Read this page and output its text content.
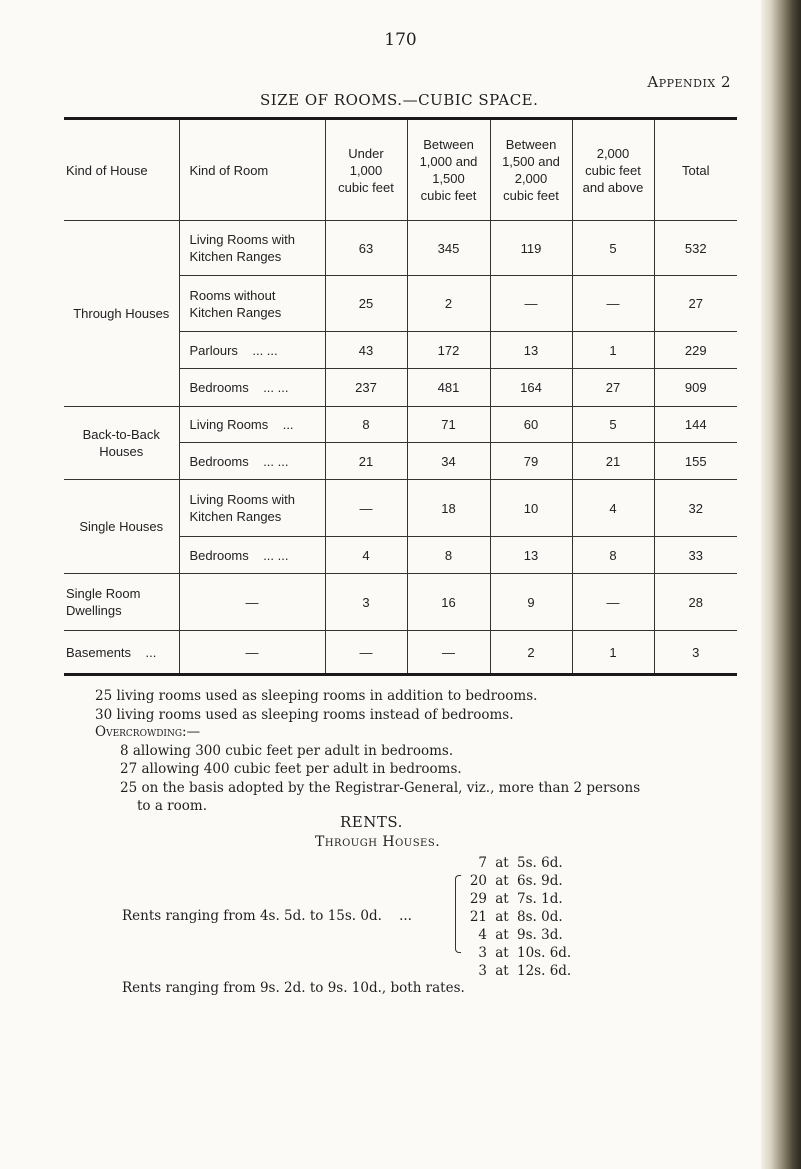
170
Appendix 2
SIZE OF ROOMS.—CUBIC SPACE.
Kind of House	Kind of Room	Under
1,000
cubic feet	Between
1,000 and
1,500
cubic feet	Between
1,500 and
2,000
cubic feet	2,000
cubic feet
and above	Total
Through Houses	Living Rooms with
Kitchen Ranges	63	345	119	5	532
	Rooms without
Kitchen Ranges	25	2	—	—	27
	Parlours    ... ...	43	172	13	1	229
	Bedrooms    ... ...	237	481	164	27	909
Back-to-Back
Houses	Living Rooms    ...	8	71	60	5	144
	Bedrooms    ... ...	21	34	79	21	155
Single Houses	Living Rooms with
Kitchen Ranges	—	18	10	4	32
	Bedrooms    ... ...	4	8	13	8	33
Single Room
Dwellings	—	3	16	9	—	28
Basements    ...	—	—	—	2	1	3
25 living rooms used as sleeping rooms in addition to bedrooms.
30 living rooms used as sleeping rooms instead of bedrooms.
Overcrowding:—
8 allowing 300 cubic feet per adult in bedrooms.
27 allowing 400 cubic feet per adult in bedrooms.
25 on the basis adopted by the Registrar-General, viz., more than 2 persons
to a room.
RENTS.
Through Houses.
7 at 5s. 6d.
20 at 6s. 9d.
29 at 7s. 1d.
21 at 8s. 0d.
4 at 9s. 3d.
3 at 10s. 6d.
3 at 12s. 6d.
Rents ranging from 4s. 5d. to 15s. 0d.    ...
Rents ranging from 9s. 2d. to 9s. 10d., both rates.
